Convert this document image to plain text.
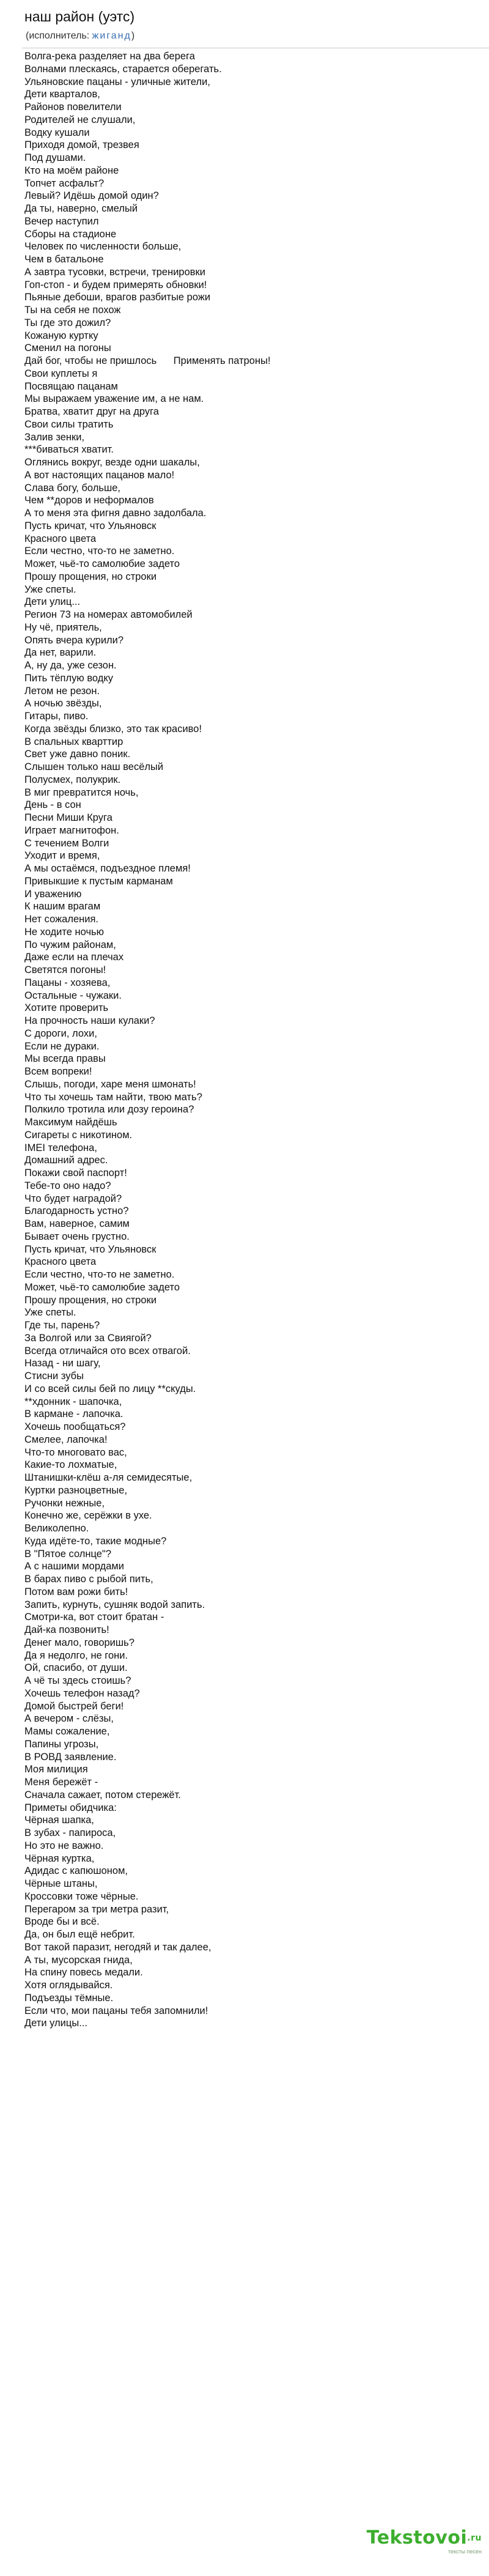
наш район (уэтс)
(исполнитель: жиганд)
Волга-река разделяет на два берега
Волнами плескаясь, старается оберегать.
Ульяновские пацаны - уличные жители,
Дети кварталов,
Районов повелители
Родителей не слушали,
Водку кушали
Приходя домой, трезвея
Под душами.
Кто на моём районе
Топчет асфальт?
Левый? Идёшь домой один?
Да ты, наверно, смелый
Вечер наступил
Сборы на стадионе
Человек по численности больше,
Чем в батальоне
А завтра тусовки, встречи, тренировки
Гоп-стоп - и будем примерять обновки!
Пьяные дебоши, врагов разбитые рожи
Ты на себя не похож
Ты где это дожил?
Кожаную куртку
Сменил на погоны
Дай бог, чтобы не пришлось      Применять патроны!
Свои куплеты я
Посвящаю пацанам
Мы выражаем уважение им, а не нам.
Братва, хватит друг на друга
Свои силы тратить
Залив зенки,
***биваться хватит.
Оглянись вокруг, везде одни шакалы,
А вот настоящих пацанов мало!
Слава богу, больше,
Чем **доров и неформалов
А то меня эта фигня давно задолбала.
Пусть кричат, что Ульяновск
Красного цвета
Если честно, что-то не заметно.
Может, чьё-то самолюбие задето
Прошу прощения, но строки
Уже спеты.
Дети улиц...
Регион 73 на номерах автомобилей
Ну чё, приятель,
Опять вчера курили?
Да нет, варили.
А, ну да, уже сезон.
Пить тёплую водку
Летом не резон.
А ночью звёзды,
Гитары, пиво.
Когда звёзды близко, это так красиво!
В спальных кварттир
Свет уже давно поник.
Слышен только наш весёлый
Полусмех, полукрик.
В миг превратится ночь,
День - в сон
Песни Миши Круга
Играет магнитофон.
С течением Волги
Уходит и время,
А мы остаёмся, подъездное племя!
Привыкшие к пустым карманам
И уважению
К нашим врагам
Нет сожаления.
Не ходите ночью
По чужим районам,
Даже если на плечах
Светятся погоны!
Пацаны - хозяева,
Остальные - чужаки.
Хотите проверить
На прочность наши кулаки?
С дороги, лохи,
Если не дураки.
Мы всегда правы
Всем вопреки!
Слышь, погоди, харе меня шмонать!
Что ты хочешь там найти, твою мать?
Полкило тротила или дозу героина?
Максимум найдёшь
Сигареты с никотином.
IMEI телефона,
Домашний адрес.
Покажи свой паспорт!
Тебе-то оно надо?
Что будет наградой?
Благодарность устно?
Вам, наверное, самим
Бывает очень грустно.
Пусть кричат, что Ульяновск
Красного цвета
Если честно, что-то не заметно.
Может, чьё-то самолюбие задето
Прошу прощения, но строки
Уже спеты.
Где ты, парень?
За Волгой или за Свиягой?
Всегда отличайся ото всех отвагой.
Назад - ни шагу,
Стисни зубы
И со всей силы бей по лицу **скуды.
**хдонник - шапочка,
В кармане - лапочка.
Хочешь пообщаться?
Смелее, лапочка!
Что-то многовато вас,
Какие-то лохматые,
Штанишки-клёш а-ля семидесятые,
Куртки разноцветные,
Ручонки нежные,
Конечно же, серёжки в ухе.
Великолепно.
Куда идёте-то, такие модные?
В "Пятое солнце"?
А с нашими мордами
В барах пиво с рыбой пить,
Потом вам рожи бить!
Запить, курнуть, сушняк водой запить.
Смотри-ка, вот стоит братан -
Дай-ка позвонить!
Денег мало, говоришь?
Да я недолго, не гони.
Ой, спасибо, от души.
А чё ты здесь стоишь?
Хочешь телефон назад?
Домой быстрей беги!
А вечером - слёзы,
Мамы сожаление,
Папины угрозы,
В РОВД заявление.
Моя милиция
Меня бережёт -
Сначала сажает, потом стережёт.
Приметы обидчика:
Чёрная шапка,
В зубах - папироса,
Но это не важно.
Чёрная куртка,
Адидас с капюшоном,
Чёрные штаны,
Кроссовки тоже чёрные.
Перегаром за три метра разит,
Вроде бы и всё.
Да, он был ещё небрит.
Вот такой паразит, негодяй и так далее,
А ты, мусорская гнида,
На спину повесь медали.
Хотя оглядывайся.
Подъезды тёмные.
Если что, мои пацаны тебя запомнили!
Дети улицы...
Tekstovoi$^{.ru}$
тексты песен
